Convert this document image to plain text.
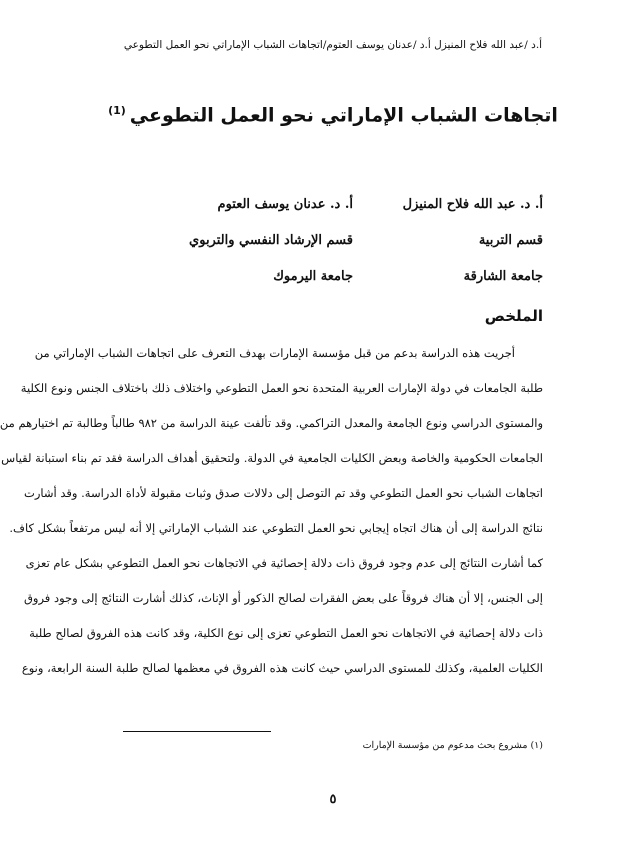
أ.د /عبد الله فلاح المنيزل أ.د /عدنان يوسف العتوم/اتجاهات الشباب الإماراتي نحو العمل التطوعي
اتجاهات الشباب الإماراتي نحو العمل التطوعي$^{(1)}$
أ. د. عبد الله فلاح المنيزل
قسم التربية
جامعة الشارقة
أ. د. عدنان يوسف العتوم
قسم الإرشاد النفسي والتربوي
جامعة اليرموك
الملخص
أجريت هذه الدراسة بدعم من قبل مؤسسة الإمارات بهدف التعرف على اتجاهات الشباب الإماراتي من
طلبة الجامعات في دولة الإمارات العربية المتحدة نحو العمل التطوعي واختلاف ذلك باختلاف الجنس ونوع الكلية
والمستوى الدراسي ونوع الجامعة والمعدل التراكمي. وقد تألفت عينة الدراسة من ٩٨٢ طالباً وطالبة تم اختيارهم من
الجامعات الحكومية والخاصة وبعض الكليات الجامعية في الدولة. ولتحقيق أهداف الدراسة فقد تم بناء استبانة لقياس
اتجاهات الشباب نحو العمل التطوعي وقد تم التوصل إلى دلالات صدق وثبات مقبولة لأداة الدراسة. وقد أشارت
نتائج الدراسة إلى أن هناك اتجاه إيجابي نحو العمل التطوعي عند الشباب الإماراتي إلا أنه ليس مرتفعاً بشكل كاف.
كما أشارت النتائج إلى عدم وجود فروق ذات دلالة إحصائية في الاتجاهات نحو العمل التطوعي بشكل عام تعزى
إلى الجنس، إلا أن هناك فروقاً على بعض الفقرات لصالح الذكور أو الإناث، كذلك أشارت النتائج إلى وجود فروق
ذات دلالة إحصائية في الاتجاهات نحو العمل التطوعي تعزى إلى نوع الكلية، وقد كانت هذه الفروق لصالح طلبة
الكليات العلمية، وكذلك للمستوى الدراسي حيث كانت هذه الفروق في معظمها لصالح طلبة السنة الرابعة، ونوع
(١) مشروع بحث مدعوم من مؤسسة الإمارات
٥
